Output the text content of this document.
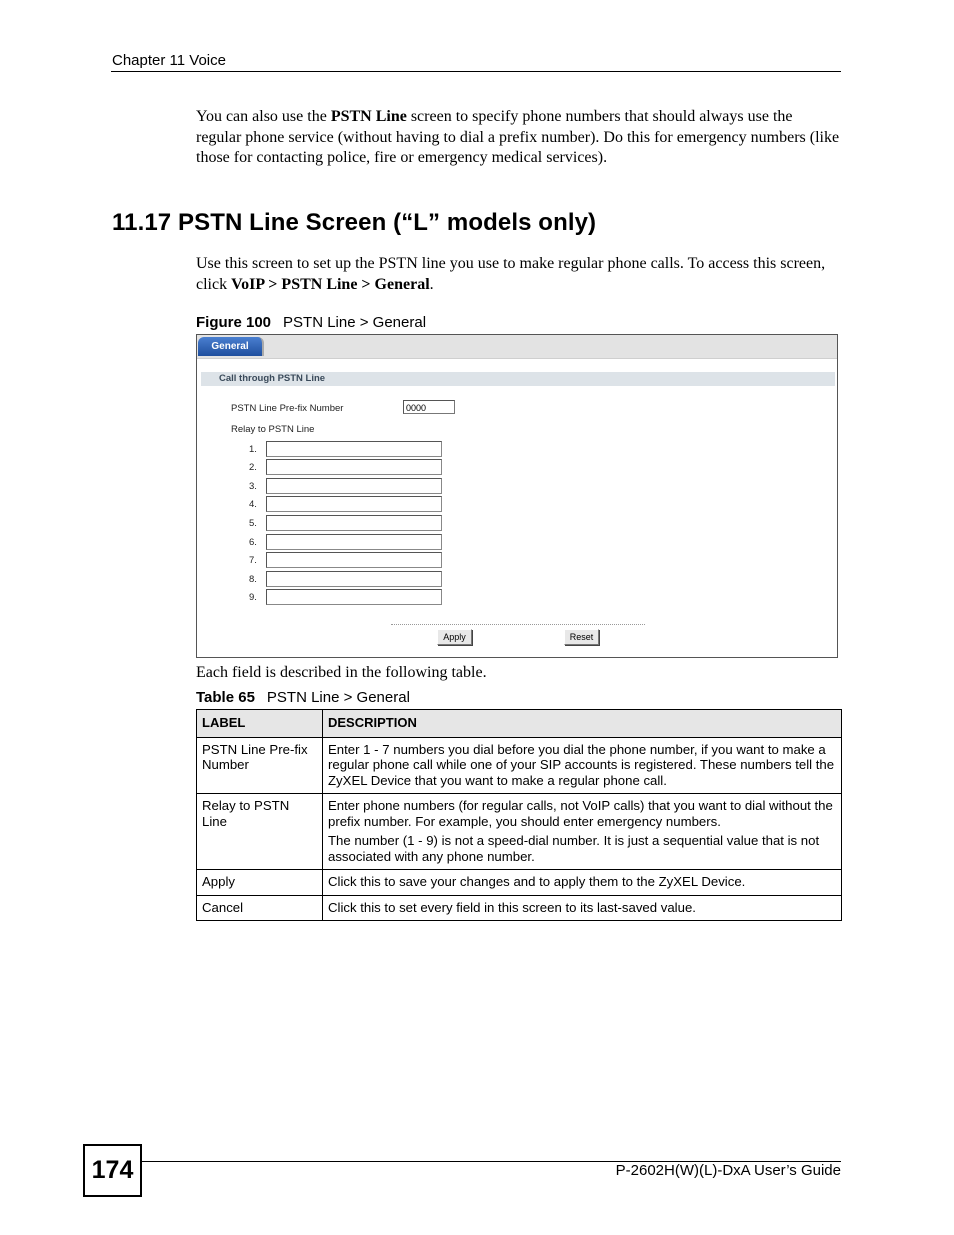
Chapter 11 Voice
You can also use the PSTN Line screen to specify phone numbers that should always use the regular phone service (without having to dial a prefix number). Do this for emergency numbers (like those for contacting police, fire or emergency medical services).
11.17 PSTN Line Screen (“L” models only)
Use this screen to set up the PSTN line you use to make regular phone calls. To access this screen, click VoIP > PSTN Line > General.
Figure 100 PSTN Line > General
General
Call through PSTN Line
PSTN Line Pre-fix Number	0000
Relay to PSTN Line
1.
2.
3.
4.
5.
6.
7.
8.
9.
Apply	Reset
Each field is described in the following table.
Table 65 PSTN Line > General
LABEL	DESCRIPTION
PSTN Line Pre-fix Number	Enter 1 - 7 numbers you dial before you dial the phone number, if you want to make a regular phone call while one of your SIP accounts is registered. These numbers tell the ZyXEL Device that you want to make a regular phone call.

Relay to PSTN Line	Enter phone numbers (for regular calls, not VoIP calls) that you want to dial without the prefix number. For example, you should enter emergency numbers.

The number (1 - 9) is not a speed-dial number. It is just a sequential value that is not associated with any phone number.

Apply	Click this to save your changes and to apply them to the ZyXEL Device.

Cancel	Click this to set every field in this screen to its last-saved value.

174	P-2602H(W)(L)-DxA User’s Guide
